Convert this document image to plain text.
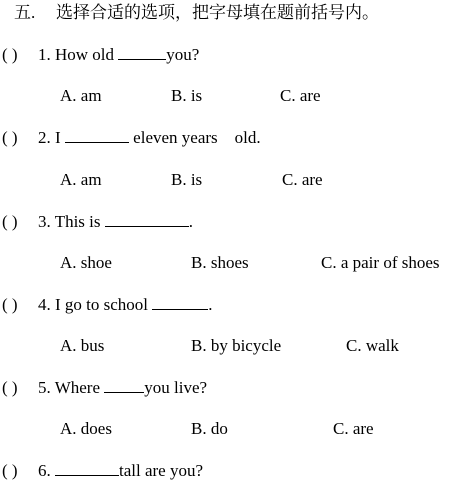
五. 选择合适的选项，把字母填在题前括号内。
( ) 1. How old	you?
A. am	B. is	C. are
( ) 2. I	eleven years    old.
A. am	B. is	C. are
( ) 3. This is	.
A. shoe	B. shoes	C. a pair of shoes
( ) 4. I go to school	.
A. bus	B. by bicycle	C. walk
( ) 5. Where you live?
A. does	B. do	C. are
( ) 6.	tall are you?
